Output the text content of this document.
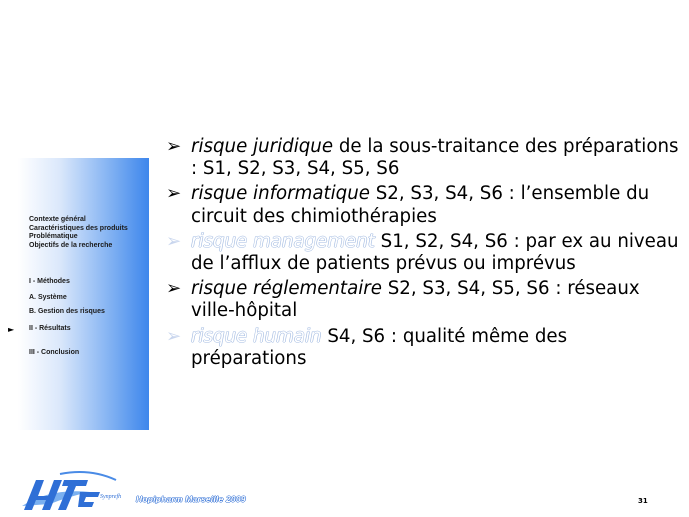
Contexte général
Caractéristiques des produits
Problématique
Objectifs de la recherche
I - Méthodes
A. Système
B. Gestion des risques
► II - Résultats
III - Conclusion
➢ risque juridique de la sous-traitance des préparations : S1, S2, S3, S4, S5, S6
➢ risque informatique S2, S3, S4, S6 : l’ensemble du circuit des chimiothérapies
➢ risque management S1, S2, S4, S6 : par ex au niveau de l’afflux de patients prévus ou imprévus
➢ risque réglementaire S2, S3, S4, S5, S6 : réseaux ville-hôpital
➢ risque humain S4, S6 : qualité même des préparations
Synprefh Hopipharm Marseille 2009	31
